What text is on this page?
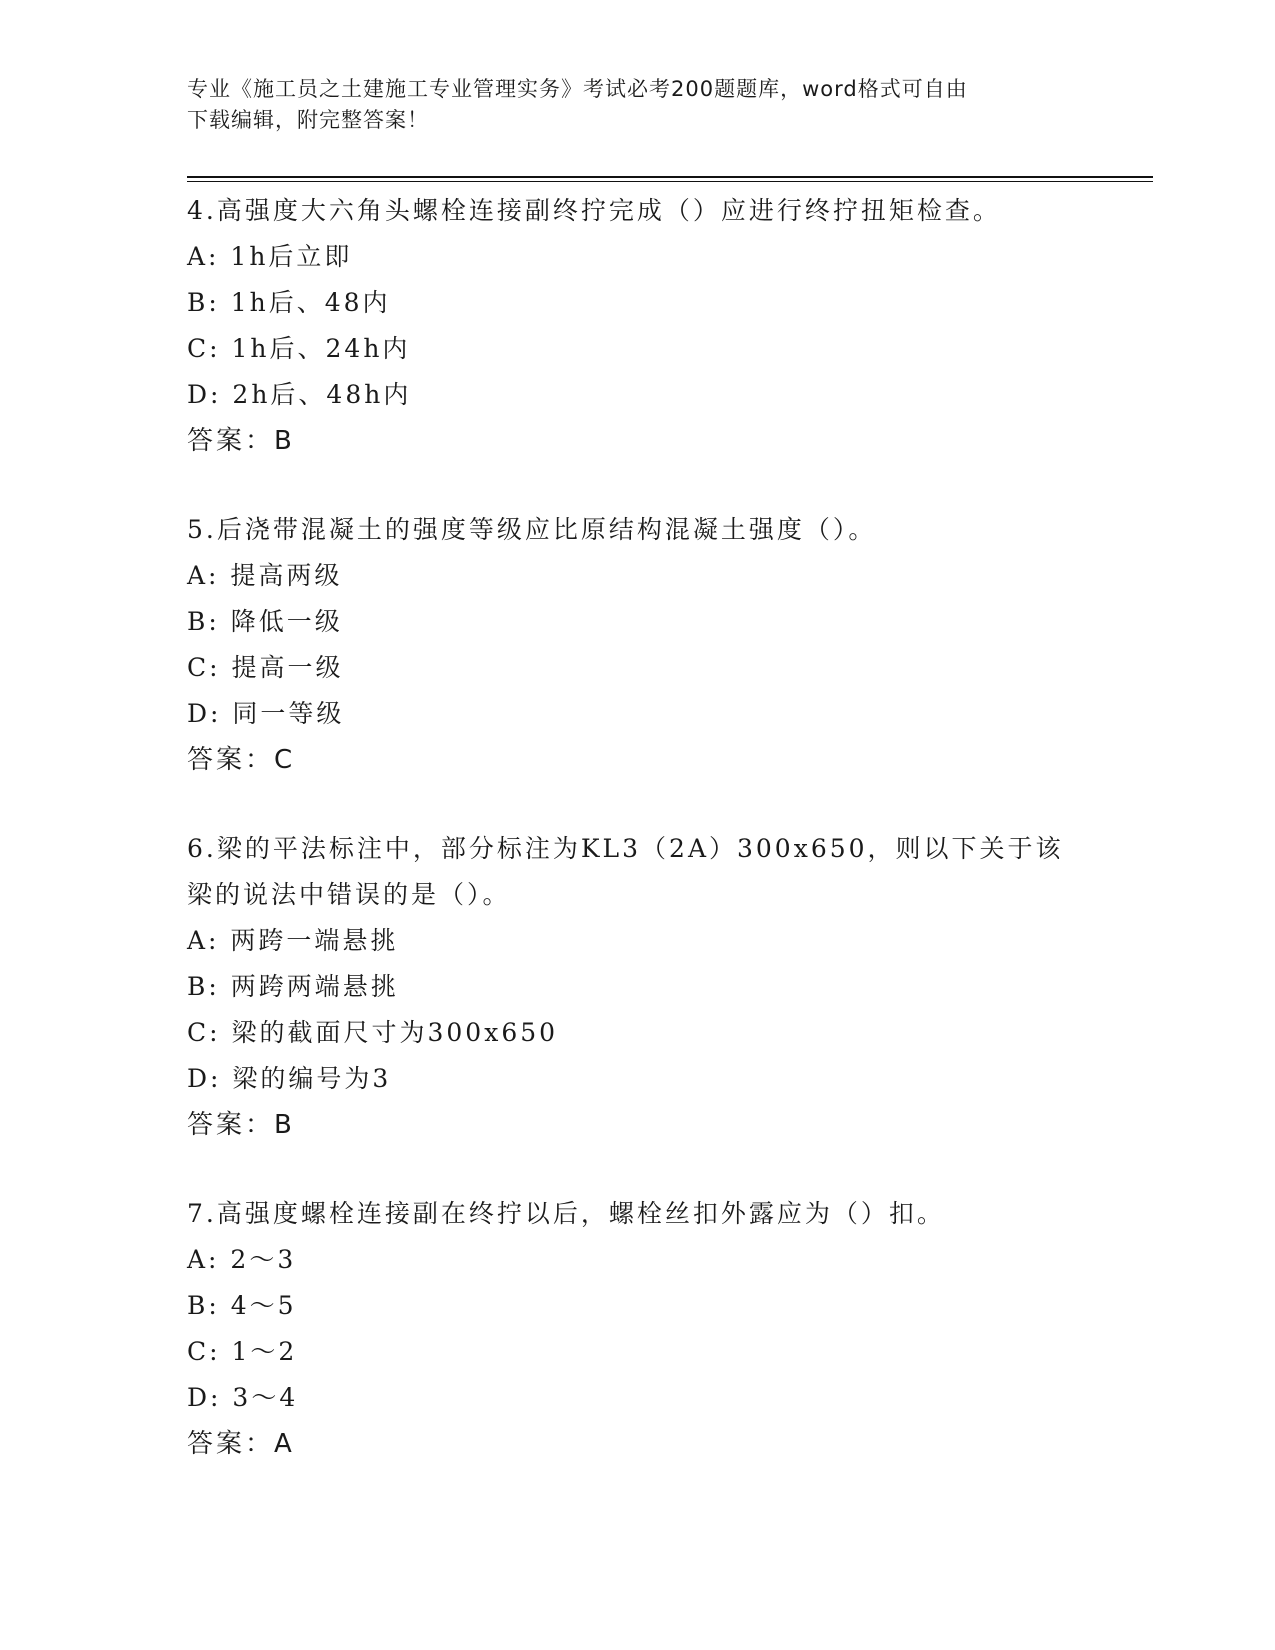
专业《施工员之土建施工专业管理实务》考试必考200题题库，word格式可自由
下载编辑，附完整答案！
4.高强度大六角头螺栓连接副终拧完成（）应进行终拧扭矩检查。
A: 1h后立即
B: 1h后、48内
C: 1h后、24h内
D: 2h后、48h内
答案：B
5.后浇带混凝土的强度等级应比原结构混凝土强度（）。
A: 提高两级
B: 降低一级
C: 提高一级
D: 同一等级
答案：C
6.梁的平法标注中，部分标注为KL3（2A）300x650，则以下关于该梁的说法中错误的是（）。
A: 两跨一端悬挑
B: 两跨两端悬挑
C: 梁的截面尺寸为300x650
D: 梁的编号为3
答案：B
7.高强度螺栓连接副在终拧以后，螺栓丝扣外露应为（）扣。
A: 2～3
B: 4～5
C: 1～2
D: 3～4
答案：A
